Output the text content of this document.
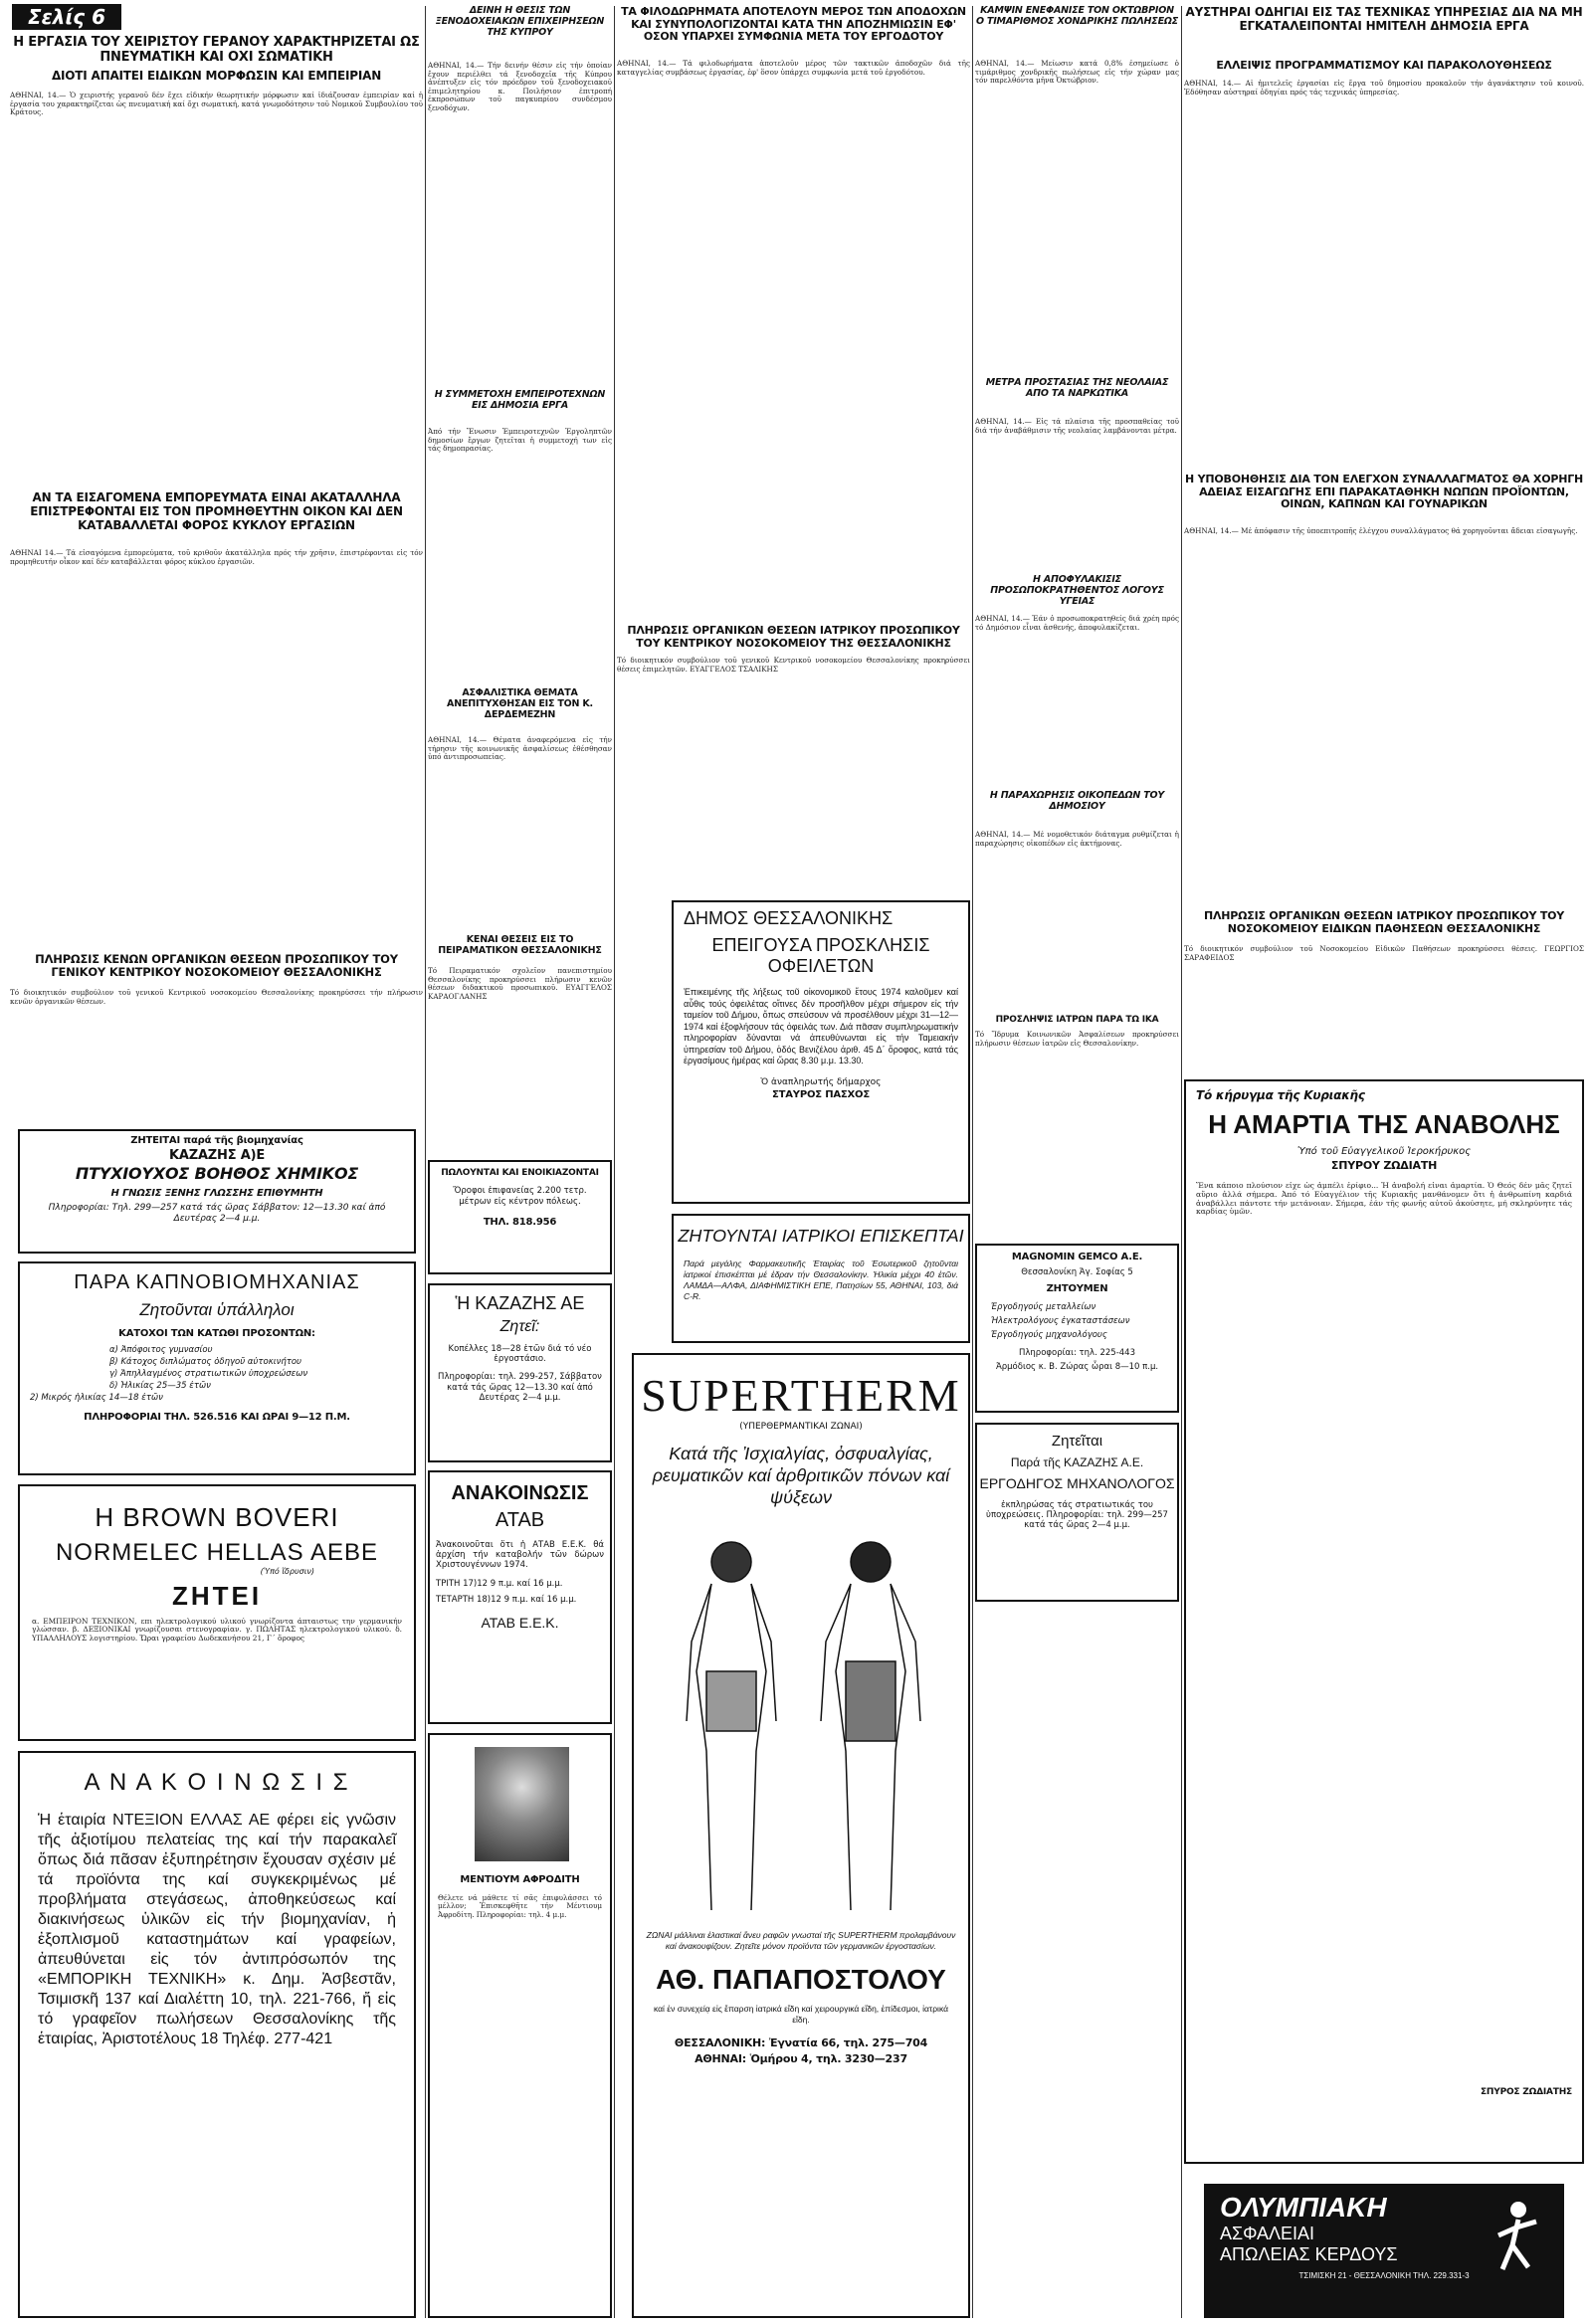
Σελίς 6
Η ΕΡΓΑΣΙΑ ΤΟΥ ΧΕΙΡΙΣΤΟΥ ΓΕΡΑΝΟΥ ΧΑΡΑΚΤΗΡΙΖΕΤΑΙ ΩΣ ΠΝΕΥΜΑΤΙΚΗ ΚΑΙ ΟΧΙ ΣΩΜΑΤΙΚΗ
ΔΙΟΤΙ ΑΠΑΙΤΕΙ ΕΙΔΙΚΩΝ ΜΟΡΦΩΣΙΝ ΚΑΙ ΕΜΠΕΙΡΙΑΝ
ΑΘΗΝΑΙ, 14.— Ὁ χειριστής γερανοῦ δέν ἔχει εἰδικήν θεωρητικήν μόρφωσιν καί ἰδιάζουσαν ἐμπειρίαν καί ἡ ἐργασία του χαρακτηρίζεται ὡς πνευματική καί ὄχι σωματική, κατά γνωμοδότησιν τοῦ Νομικοῦ Συμβουλίου τοῦ Κράτους.
ΑΝ ΤΑ ΕΙΣΑΓΟΜΕΝΑ ΕΜΠΟΡΕΥΜΑΤΑ ΕΙΝΑΙ ΑΚΑΤΑΛΛΗΛΑ ΕΠΙΣΤΡΕΦΟΝΤΑΙ ΕΙΣ ΤΟΝ ΠΡΟΜΗΘΕΥΤΗΝ ΟΙΚΟΝ ΚΑΙ ΔΕΝ ΚΑΤΑΒΑΛΛΕΤΑΙ ΦΟΡΟΣ ΚΥΚΛΟΥ ΕΡΓΑΣΙΩΝ
ΑΘΗΝΑΙ 14.— Τά εἰσαγόμενα ἐμπορεύματα, τοῦ κριθοῦν ἀκατάλληλα πρός τήν χρῆσιν, ἐπιστρέφονται εἰς τόν προμηθευτήν οἶκον καί δέν καταβάλλεται φόρος κύκλου ἐργασιῶν.
ΠΛΗΡΩΣΙΣ ΚΕΝΩΝ ΟΡΓΑΝΙΚΩΝ ΘΕΣΕΩΝ ΠΡΟΣΩΠΙΚΟΥ ΤΟΥ ΓΕΝΙΚΟΥ ΚΕΝΤΡΙΚΟΥ ΝΟΣΟΚΟΜΕΙΟΥ ΘΕΣΣΑΛΟΝΙΚΗΣ
Τό διοικητικόν συμβούλιον τοῦ γενικοῦ Κεντρικοῦ νοσοκομείου Θεσσαλονίκης προκηρύσσει τήν πλήρωσιν κενῶν ὀργανικῶν θέσεων.
ΖΗΤΕΙΤΑΙ παρά τῆς βιομηχανίας
ΚΑΖΑΖΗΣ Α)Ε
ΠΤΥΧΙΟΥΧΟΣ ΒΟΗΘΟΣ ΧΗΜΙΚΟΣ
Η ΓΝΩΣΙΣ ΞΕΝΗΣ ΓΛΩΣΣΗΣ ΕΠΙΘΥΜΗΤΗ
Πληροφορίαι: Τηλ. 299—257 κατά τάς ὥρας Σάββατον: 12—13.30 καί ἀπό Δευτέρας 2—4 μ.μ.
ΠΑΡΑ ΚΑΠΝΟΒΙΟΜΗΧΑΝΙΑΣ
Ζητοῦνται ὑπάλληλοι
ΚΑΤΟΧΟΙ ΤΩΝ ΚΑΤΩΘΙ ΠΡΟΣΟΝΤΩΝ:
α) Ἀπόφοιτος γυμνασίου
β) Κάτοχος διπλώματος ὁδηγοῦ αὐτοκινήτου
γ) Ἀπηλλαγμένος στρατιωτικῶν ὑποχρεώσεων
δ) Ἡλικίας 25—35 ἐτῶν
2) Μικρός ἡλικίας 14—18 ἐτῶν
ΠΛΗΡΟΦΟΡΙΑΙ ΤΗΛ. 526.516 ΚΑΙ ΩΡΑΙ 9—12 Π.Μ.
Η BROWN BOVERI
NORMELEC HELLAS AEBE
(Ὑπό ἵδρυσιν)
ΖΗΤΕΙ
α. ΕΜΠΕΙΡΟΝ ΤΕΧΝΙΚΟΝ, επι ηλεκτρολογικού υλικού γνωρίζοντα άπταιστως την γερμανικήν γλώσσαν. β. ΔΕΞΙΟΝΙΚΑΙ γνωρίζουσαι στενογραφίαν. γ. ΠΩΛΗΤΑΣ ηλεκτρολογικού υλικού. δ. ΥΠΑΛΛΗΛΟΥΣ λογιστηρίου. Ὥραι γραφείου Δωδεκανήσου 21, Γ΄ ὄροφος
Α Ν Α Κ Ο Ι Ν Ω Σ Ι Σ
Ἡ ἑταιρία ΝΤΕΞΙΟΝ ΕΛΛΑΣ ΑΕ φέρει εἰς γνῶσιν τῆς ἀξιοτίμου πελατείας της καί τήν παρακαλεῖ ὅπως διά πᾶσαν ἐξυπηρέτησιν ἔχουσαν σχέσιν μέ τά προϊόντα της καί συγκεκριμένως μέ προβλήματα στεγάσεως, ἀποθηκεύσεως καί διακινήσεως ὑλικῶν εἰς τήν βιομηχανίαν, ἡ ἐξοπλισμοῦ καταστημάτων καί γραφείων, ἀπευθύνεται εἰς τόν ἀντιπρόσωπόν της «ΕΜΠΟΡΙΚΗ ΤΕΧΝΙΚΗ» κ. Δημ. Ἀσβεστᾶν, Τσιμισκῆ 137 καί Διαλέττη 10, τηλ. 221-766, ἤ εἰς τό γραφεῖον πωλήσεων Θεσσαλονίκης τῆς ἑταιρίας, Ἀριστοτέλους 18 Τηλέφ. 277-421
ΔΕΙΝΗ Η ΘΕΣΙΣ ΤΩΝ ΞΕΝΟΔΟΧΕΙΑΚΩΝ ΕΠΙΧΕΙΡΗΣΕΩΝ ΤΗΣ ΚΥΠΡΟΥ
ΑΘΗΝΑΙ, 14.— Τήν δεινήν θέσιν εἰς τήν ὁποίαν ἔχουν περιέλθει τά ξενοδοχεῖα τῆς Κύπρου ἀνέπτυξεν εἰς τόν πρόεδρον τοῦ ξενοδοχειακοῦ ἐπιμελητηρίου κ. Ποιλήσιον ἐπιτροπή ἐκπροσώπων τοῦ παγκυπρίου συνδέσμου ξενοδόχων.
Η ΣΥΜΜΕΤΟΧΗ ΕΜΠΕΙΡΟΤΕΧΝΩΝ ΕΙΣ ΔΗΜΟΣΙΑ ΕΡΓΑ
Ἀπό τήν Ἕνωσιν Ἐμπειροτεχνῶν Ἐργοληπτῶν δημοσίων ἔργων ζητεῖται ἡ συμμετοχή των εἰς τάς δημοπρασίας.
ΑΣΦΑΛΙΣΤΙΚΑ ΘΕΜΑΤΑ ΑΝΕΠΙΤΥΧΘΗΣΑΝ ΕΙΣ ΤΟΝ Κ. ΔΕΡΔΕΜΕΖΗΝ
ΑΘΗΝΑΙ, 14.— Θέματα ἀναφερόμενα εἰς τήν τήρησιν τῆς κοινωνικῆς ἀσφαλίσεως ἐθέσθησαν ὑπό ἀντιπροσωπείας.
ΚΕΝΑΙ ΘΕΣΕΙΣ ΕΙΣ ΤΟ ΠΕΙΡΑΜΑΤΙΚΟΝ ΘΕΣΣΑΛΟΝΙΚΗΣ
Τό Πειραματικόν σχολεῖον πανεπιστημίου Θεσσαλονίκης προκηρύσσει πλήρωσιν κενῶν θέσεων διδακτικοῦ προσωπικοῦ. ΕΥΑΓΓΕΛΟΣ ΚΑΡΑΟΓΛΑΝΗΣ
ΠΩΛΟΥΝΤΑΙ ΚΑΙ ΕΝΟΙΚΙΑΖΟΝΤΑΙ
Ὄροφοι ἐπιφανείας 2.200 τετρ. μέτρων εἰς κέντρον πόλεως.
ΤΗΛ. 818.956
Ἡ ΚΑΖΑΖΗΣ ΑΕ
Ζητεῖ:
Κοπέλλες 18—28 ἐτῶν διά τό νέο ἐργοστάσιο.
Πληροφορίαι: τηλ. 299-257, Σάββατον κατά τάς ὥρας 12—13.30 καί ἀπό Δευτέρας 2—4 μ.μ.
ΑΝΑΚΟΙΝΩΣΙΣ
ΑΤΑΒ
Ἀνακοινοῦται ὅτι ἡ ΑΤΑΒ Ε.Ε.Κ. θά ἀρχίση τήν καταβολήν τῶν δώρων Χριστουγέννων 1974.
ΤΡΙΤΗ 17)12 9 π.μ. καί 16 μ.μ.
ΤΕΤΑΡΤΗ 18)12 9 π.μ. καί 16 μ.μ.
ΑΤΑΒ Ε.Ε.Κ.
ΜΕΝΤΙΟΥΜ ΑΦΡΟΔΙΤΗ
Θέλετε νά μάθετε τί σᾶς ἐπιφυλάσσει τό μέλλον; Ἐπισκεφθῆτε τήν Μέντιουμ Ἀφροδίτη. Πληροφορίαι: τηλ. 4 μ.μ.
ΤΑ ΦΙΛΟΔΩΡΗΜΑΤΑ ΑΠΟΤΕΛΟΥΝ ΜΕΡΟΣ ΤΩΝ ΑΠΟΔΟΧΩΝ ΚΑΙ ΣΥΝΥΠΟΛΟΓΙΖΟΝΤΑΙ ΚΑΤΑ ΤΗΝ ΑΠΟΖΗΜΙΩΣΙΝ ΕΦ' ΟΣΟΝ ΥΠΑΡΧΕΙ ΣΥΜΦΩΝΙΑ ΜΕΤΑ ΤΟΥ ΕΡΓΟΔΟΤΟΥ
ΑΘΗΝΑΙ, 14.— Τά φιλοδωρήματα ἀποτελοῦν μέρος τῶν τακτικῶν ἀποδοχῶν διά τῆς καταγγελίας συμβάσεως ἐργασίας, ἐφ' ὅσον ὑπάρχει συμφωνία μετά τοῦ ἐργοδότου.
ΠΛΗΡΩΣΙΣ ΟΡΓΑΝΙΚΩΝ ΘΕΣΕΩΝ ΙΑΤΡΙΚΟΥ ΠΡΟΣΩΠΙΚΟΥ ΤΟΥ ΚΕΝΤΡΙΚΟΥ ΝΟΣΟΚΟΜΕΙΟΥ ΤΗΣ ΘΕΣΣΑΛΟΝΙΚΗΣ
Τό διοικητικόν συμβούλιον τοῦ γενικοῦ Κεντρικοῦ νοσοκομείου Θεσσαλονίκης προκηρύσσει θέσεις ἐπιμελητῶν. ΕΥΑΓΓΕΛΟΣ ΤΣΑΛΙΚΗΣ
ΔΗΜΟΣ ΘΕΣΣΑΛΟΝΙΚΗΣ
ΕΠΕΙΓΟΥΣΑ ΠΡΟΣΚΛΗΣΙΣ ΟΦΕΙΛΕΤΩΝ
Ἐπικειμένης τῆς λήξεως τοῦ οἰκονομικοῦ ἔτους 1974 καλοῦμεν καί αὖθις τούς ὀφειλέτας οἵτινες δέν προσῆλθον μέχρι σήμερον εἰς τήν ταμείον τοῦ Δήμου, ὅπως σπεύσουν νά προσέλθουν μέχρι 31—12—1974 καί ἐξοφλήσουν τάς ὀφειλάς των. Διά πᾶσαν συμπληρωματικήν πληροφορίαν δύνανται νά ἀπευθύνωνται εἰς τήν Ταμειακήν ὑπηρεσίαν τοῦ Δήμου, ὁδός Βενιζέλου ἀριθ. 45 Δ΄ ὄροφος, κατά τάς ἐργασίμους ἡμέρας καί ὥρας 8.30 μ.μ. 13.30.
Ὁ ἀναπληρωτής δήμαρχος
ΣΤΑΥΡΟΣ ΠΑΣΧΟΣ
ΖΗΤΟΥΝΤΑΙ ΙΑΤΡΙΚΟΙ ΕΠΙΣΚΕΠΤΑΙ
Παρά μεγάλης Φαρμακευτικῆς Ἑταιρίας τοῦ Ἐσωτερικοῦ ζητοῦνται ἰατρικοί ἐπισκέπται μέ ἐδραν τήν Θεσσαλονίκην. Ἡλικία μέχρι 40 ἐτῶν. ΛΑΜΔΑ—ΑΛΦΑ, ΔΙΑΦΗΜΙΣΤΙΚΗ ΕΠΕ, Πατησίων 55, ΑΘΗΝΑΙ, 103, διά C-R.
SUPERTHERM
(ΥΠΕΡΘΕΡΜΑΝΤΙΚΑΙ ΖΩΝΑΙ)
Κατά τῆς Ἰσχιαλγίας, ὀσφυαλγίας, ρευματικῶν καί ἀρθριτικῶν πόνων καί ψύξεων
ΖΩΝΑΙ μάλλιναι ἐλαστικαί ἄνευ ραφῶν γνωσταί τῆς SUPERTHERM προλαμβάνουν καί ἀνακουφίζουν. Ζητεῖτε μόνον προϊόντα τῶν γερμανικῶν ἐργοστασίων.
ΑΘ. ΠΑΠΑΠΟΣΤΟΛΟΥ
καί ἐν συνεχείᾳ εἰς ἔπαρση ἰατρικά εἴδη καί χειρουργικά εἴδη, ἐπίδεσμοι, ἰατρικά εἴδη.
ΘΕΣΣΑΛΟΝΙΚΗ: Ἐγνατία 66, τηλ. 275—704
ΑΘΗΝΑΙ: Ὁμήρου 4, τηλ. 3230—237
ΚΑΜΨΙΝ ΕΝΕΦΑΝΙΣΕ ΤΟΝ ΟΚΤΩΒΡΙΟΝ Ο ΤΙΜΑΡΙΘΜΟΣ ΧΟΝΔΡΙΚΗΣ ΠΩΛΗΣΕΩΣ
ΑΘΗΝΑΙ, 14.— Μείωσιν κατά 0,8% ἐσημείωσε ὁ τιμάριθμος χονδρικῆς πωλήσεως εἰς τήν χώραν μας τόν παρελθόντα μῆνα Ὀκτώβριον.
ΜΕΤΡΑ ΠΡΟΣΤΑΣΙΑΣ ΤΗΣ ΝΕΟΛΑΙΑΣ ΑΠΟ ΤΑ ΝΑΡΚΩΤΙΚΑ
ΑΘΗΝΑΙ, 14.— Εἰς τά πλαίσια τῆς προσπαθείας τοῦ διά τήν ἀναβάθμισιν τῆς νεολαίας λαμβάνονται μέτρα.
Η ΑΠΟΦΥΛΑΚΙΣΙΣ ΠΡΟΣΩΠΟΚΡΑΤΗΘΕΝΤΟΣ ΛΟΓΟΥΣ ΥΓΕΙΑΣ
ΑΘΗΝΑΙ, 14.— Ἐάν ὁ προσωποκρατηθείς διά χρέη πρός τό Δημόσιον εἶναι ἀσθενής, ἀποφυλακίζεται.
Η ΠΑΡΑΧΩΡΗΣΙΣ ΟΙΚΟΠΕΔΩΝ ΤΟΥ ΔΗΜΟΣΙΟΥ
ΑΘΗΝΑΙ, 14.— Μέ νομοθετικόν διάταγμα ρυθμίζεται ἡ παραχώρησις οἰκοπέδων εἰς ἀκτήμονας.
ΠΡΟΣΛΗΨΙΣ ΙΑΤΡΩΝ ΠΑΡΑ ΤΩ ΙΚΑ
Τό Ἵδρυμα Κοινωνικῶν Ἀσφαλίσεων προκηρύσσει πλήρωσιν θέσεων ἰατρῶν εἰς Θεσσαλονίκην.
MAGNOMIN GEMCO A.E.
Θεσσαλονίκη Ἀγ. Σοφίας 5
ΖΗΤΟΥΜΕΝ
Ἐργοδηγούς μεταλλείων
Ἠλεκτρολόγους ἐγκαταστάσεων
Ἐργοδηγούς μηχανολόγους
Πληροφορίαι: τηλ. 225-443
Ἀρμόδιος κ. Β. Ζώρας ὧραι 8—10 π.μ.
Ζητεῖται
Παρά τῆς ΚΑΖΑΖΗΣ Α.Ε.
ΕΡΓΟΔΗΓΟΣ ΜΗΧΑΝΟΛΟΓΟΣ
ἐκπληρώσας τάς στρατιωτικάς του ὑποχρεώσεις. Πληροφορίαι: τηλ. 299—257 κατά τάς ὥρας 2—4 μ.μ.
ΑΥΣΤΗΡΑΙ ΟΔΗΓΙΑΙ ΕΙΣ ΤΑΣ ΤΕΧΝΙΚΑΣ ΥΠΗΡΕΣΙΑΣ ΔΙΑ ΝΑ ΜΗ ΕΓΚΑΤΑΛΕΙΠΟΝΤΑΙ ΗΜΙΤΕΛΗ ΔΗΜΟΣΙΑ ΕΡΓΑ
ΕΛΛΕΙΨΙΣ ΠΡΟΓΡΑΜΜΑΤΙΣΜΟΥ ΚΑΙ ΠΑΡΑΚΟΛΟΥΘΗΣΕΩΣ
ΑΘΗΝΑΙ, 14.— Αἱ ἡμιτελεῖς ἐργασίαι εἰς ἔργα τοῦ δημοσίου προκαλοῦν τήν ἀγανάκτησιν τοῦ κοινοῦ. Ἐδόθησαν αὐστηραί ὁδηγίαι πρός τάς τεχνικάς ὑπηρεσίας.
Η ΥΠΟΒΟΗΘΗΣΙΣ ΔΙΑ ΤΟΝ ΕΛΕΓΧΟΝ ΣΥΝΑΛΛΑΓΜΑΤΟΣ ΘΑ ΧΟΡΗΓΗ ΑΔΕΙΑΣ ΕΙΣΑΓΩΓΗΣ ΕΠΙ ΠΑΡΑΚΑΤΑΘΗΚΗ ΝΩΠΩΝ ΠΡΟΪΟΝΤΩΝ, ΟΙΝΩΝ, ΚΑΠΝΩΝ ΚΑΙ ΓΟΥΝΑΡΙΚΩΝ
ΑΘΗΝΑΙ, 14.— Μέ ἀπόφασιν τῆς ὑποεπιτροπῆς ἐλέγχου συναλλάγματος θά χορηγοῦνται ἄδειαι εἰσαγωγῆς.
ΠΛΗΡΩΣΙΣ ΟΡΓΑΝΙΚΩΝ ΘΕΣΕΩΝ ΙΑΤΡΙΚΟΥ ΠΡΟΣΩΠΙΚΟΥ ΤΟΥ ΝΟΣΟΚΟΜΕΙΟΥ ΕΙΔΙΚΩΝ ΠΑΘΗΣΕΩΝ ΘΕΣΣΑΛΟΝΙΚΗΣ
Τό διοικητικόν συμβούλιον τοῦ Νοσοκομείου Εἰδικῶν Παθήσεων προκηρύσσει θέσεις. ΓΕΩΡΓΙΟΣ ΣΑΡΑΦΕΙΔΟΣ
Τό κήρυγμα τῆς Κυριακῆς
Η ΑΜΑΡΤΙΑ ΤΗΣ ΑΝΑΒΟΛΗΣ
Ὑπό τοῦ Εὐαγγελικοῦ Ἱεροκήρυκος
ΣΠΥΡΟΥ ΖΩΔΙΑΤΗ
Ἕνα κάποιο πλούσιον εἶχε ὡς ἀμπέλι ἐρίφιο... Ἡ ἀναβολή εἶναι ἀμαρτία. Ὁ Θεός δέν μᾶς ζητεῖ αὔριο ἀλλά σήμερα. Ἀπό τό Εὐαγγέλιον τῆς Κυριακῆς μανθάνομεν ὅτι ἡ ἀνθρωπίνη καρδιά ἀναβάλλει πάντοτε τήν μετάνοιαν. Σήμερα, ἐάν τῆς φωνῆς αὐτοῦ ἀκούσητε, μή σκληρύνητε τάς καρδίας ὑμῶν.
ΣΠΥΡΟΣ ΖΩΔΙΑΤΗΣ
ΟΛΥΜΠΙΑΚΗ
ΑΣΦΑΛΕΙΑΙ
ΑΠΩΛΕΙΑΣ ΚΕΡΔΟΥΣ
ΤΣΙΜΙΣΚΗ 21 - ΘΕΣΣΑΛΟΝΙΚΗ ΤΗΛ. 229.331-3
